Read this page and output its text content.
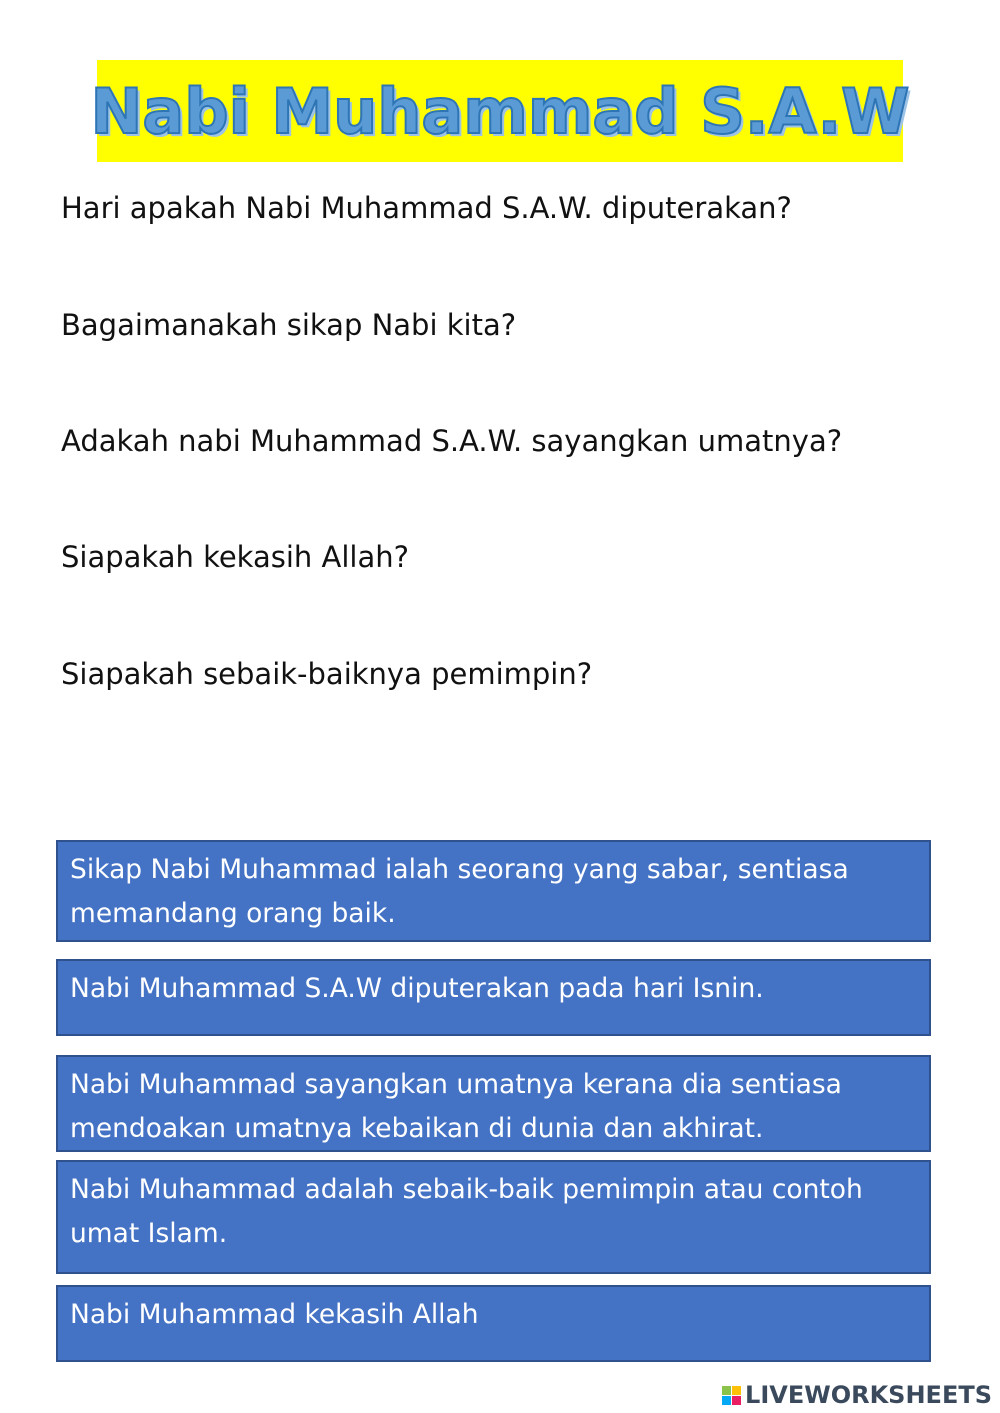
Nabi Muhammad S.A.W
Hari apakah Nabi Muhammad S.A.W. diputerakan?
Bagaimanakah sikap Nabi kita?
Adakah nabi Muhammad S.A.W. sayangkan umatnya?
Siapakah kekasih Allah?
Siapakah sebaik-baiknya pemimpin?
Sikap Nabi Muhammad ialah seorang yang sabar, sentiasa memandang orang baik.
Nabi Muhammad S.A.W diputerakan pada hari Isnin.
Nabi Muhammad sayangkan umatnya kerana dia sentiasa mendoakan umatnya kebaikan di dunia dan akhirat.
Nabi Muhammad adalah sebaik-baik pemimpin atau contoh umat Islam.
Nabi Muhammad kekasih Allah
LIVEWORKSHEETS
